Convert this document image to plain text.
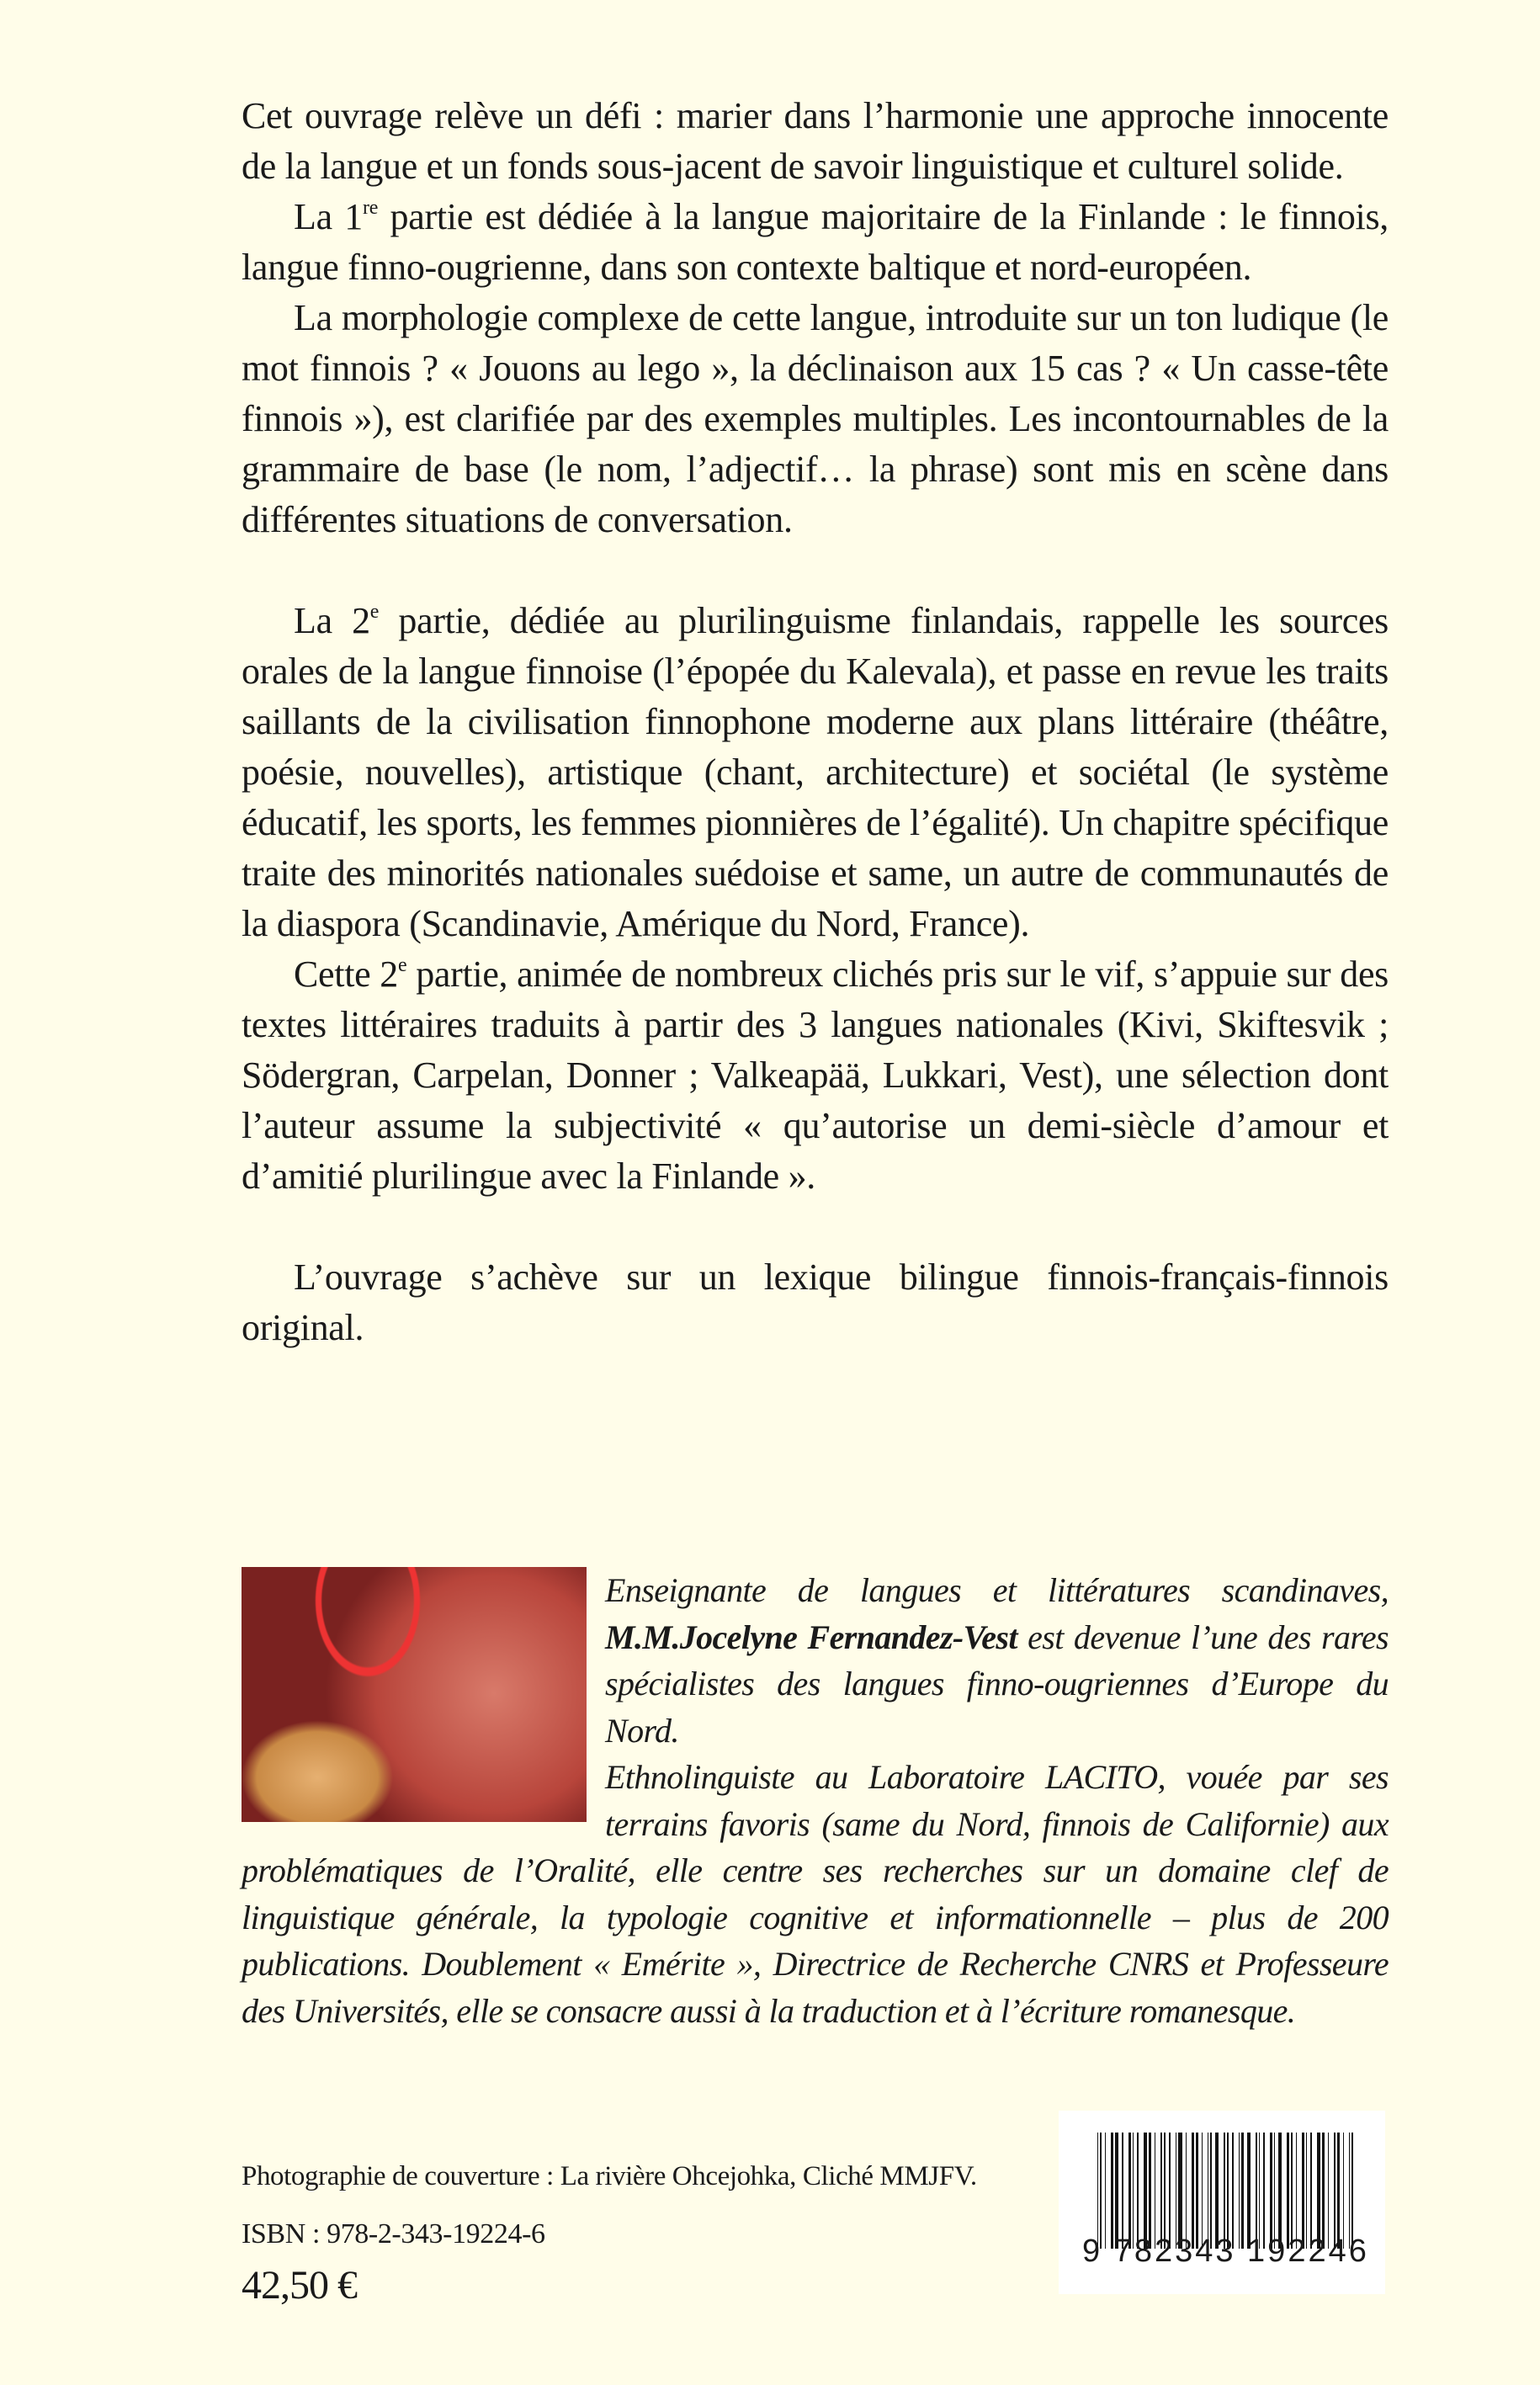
Cet ouvrage relève un défi : marier dans l’harmonie une approche innocente de la langue et un fonds sous-jacent de savoir linguistique et culturel solide.

La 1re partie est dédiée à la langue majoritaire de la Finlande : le finnois, langue finno-ougrienne, dans son contexte baltique et nord-européen.

La morphologie complexe de cette langue, introduite sur un ton ludique (le mot finnois ? « Jouons au lego », la déclinaison aux 15 cas ? « Un casse-tête finnois »), est clarifiée par des exemples multiples. Les incontournables de la grammaire de base (le nom, l’adjectif… la phrase) sont mis en scène dans différentes situations de conversation.

La 2e partie, dédiée au plurilinguisme finlandais, rappelle les sources orales de la langue finnoise (l’épopée du Kalevala), et passe en revue les traits saillants de la civilisation finnophone moderne aux plans littéraire (théâtre, poésie, nouvelles), artistique (chant, architecture) et sociétal (le système éducatif, les sports, les femmes pionnières de l’égalité). Un chapitre spécifique traite des minorités nationales suédoise et same, un autre de communautés de la diaspora (Scandinavie, Amérique du Nord, France).

Cette 2e partie, animée de nombreux clichés pris sur le vif, s’appuie sur des textes littéraires traduits à partir des 3 langues nationales (Kivi, Skiftesvik ; Södergran, Carpelan, Donner ; Valkeapää, Lukkari, Vest), une sélection dont l’auteur assume la subjectivité « qu’autorise un demi-siècle d’amour et d’amitié plurilingue avec la Finlande ».

L’ouvrage s’achève sur un lexique bilingue finnois-français-finnois original.

Enseignante de langues et littératures scandinaves, M.M.Jocelyne Fernandez-Vest est devenue l’une des rares spécialistes des langues finno-ougriennes d’Europe du Nord.

Ethnolinguiste au Laboratoire LACITO, vouée par ses terrains favoris (same du Nord, finnois de Californie) aux problématiques de l’Oralité, elle centre ses recherches sur un domaine clef de linguistique générale, la typologie cognitive et informationnelle – plus de 200 publications. Doublement « Emérite », Directrice de Recherche CNRS et Professeure des Universités, elle se consacre aussi à la traduction et à l’écriture romanesque.

Photographie de couverture : La rivière Ohcejohka, Cliché MMJFV.
ISBN : 978-2-343-19224-6
42,50 €
9 782343 192246
